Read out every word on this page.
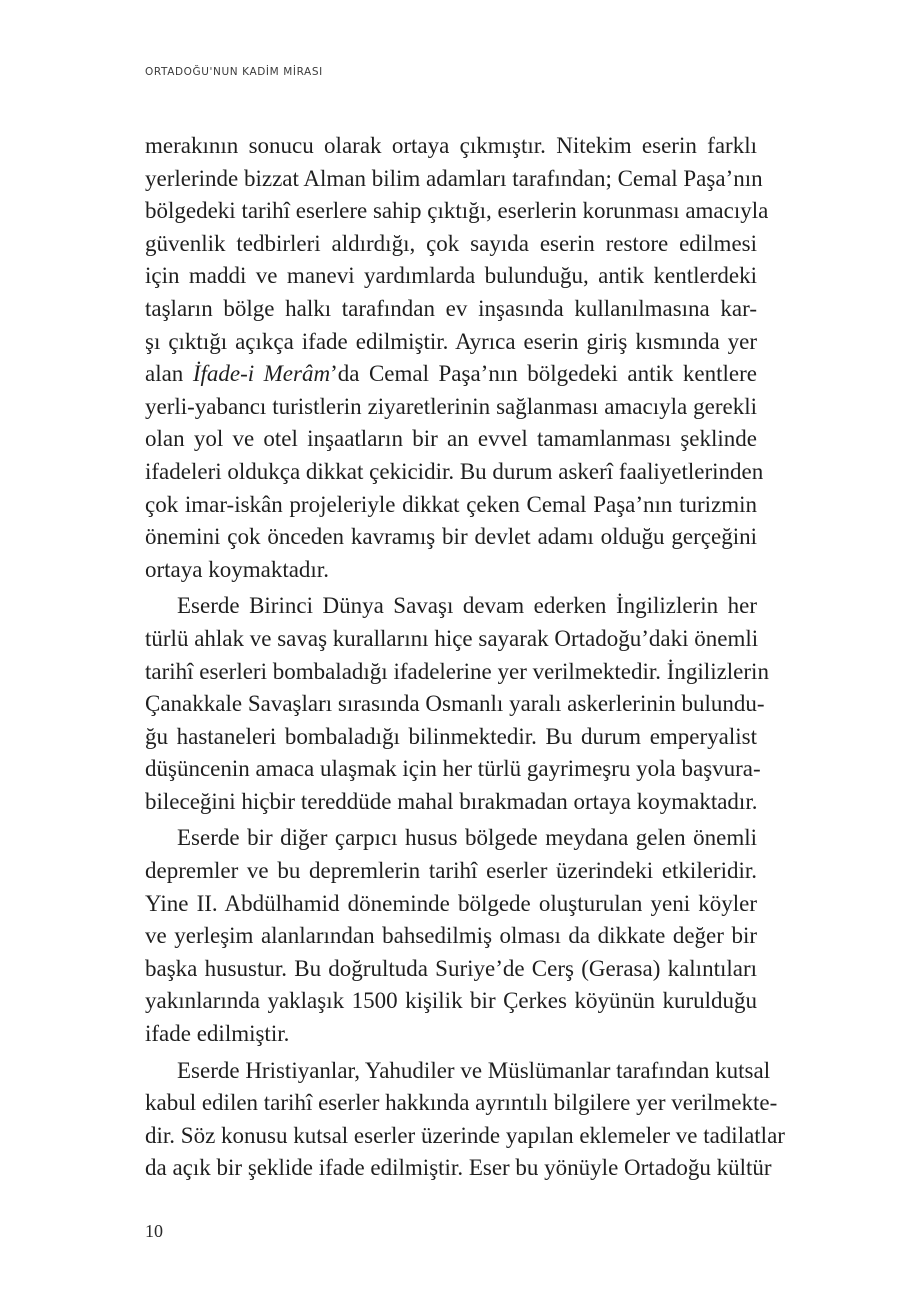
ORTADOĞU'NUN KADİM MİRASI
merakının sonucu olarak ortaya çıkmıştır. Nitekim eserin farklı
yerlerinde bizzat Alman bilim adamları tarafından; Cemal Paşa’nın
bölgedeki tarihî eserlere sahip çıktığı, eserlerin korunması amacıyla
güvenlik tedbirleri aldırdığı, çok sayıda eserin restore edilmesi
için maddi ve manevi yardımlarda bulunduğu, antik kentlerdeki
taşların bölge halkı tarafından ev inşasında kullanılmasına kar-
şı çıktığı açıkça ifade edilmiştir. Ayrıca eserin giriş kısmında yer
alan İfade-i Merâm’da Cemal Paşa’nın bölgedeki antik kentlere
yerli-yabancı turistlerin ziyaretlerinin sağlanması amacıyla gerekli
olan yol ve otel inşaatların bir an evvel tamamlanması şeklinde
ifadeleri oldukça dikkat çekicidir. Bu durum askerî faaliyetlerinden
çok imar-iskân projeleriyle dikkat çeken Cemal Paşa’nın turizmin
önemini çok önceden kavramış bir devlet adamı olduğu gerçeğini
ortaya koymaktadır.
Eserde Birinci Dünya Savaşı devam ederken İngilizlerin her
türlü ahlak ve savaş kurallarını hiçe sayarak Ortadoğu’daki önemli
tarihî eserleri bombaladığı ifadelerine yer verilmektedir. İngilizlerin
Çanakkale Savaşları sırasında Osmanlı yaralı askerlerinin bulundu-
ğu hastaneleri bombaladığı bilinmektedir. Bu durum emperyalist
düşüncenin amaca ulaşmak için her türlü gayrimeşru yola başvura-
bileceğini hiçbir tereddüde mahal bırakmadan ortaya koymaktadır.
Eserde bir diğer çarpıcı husus bölgede meydana gelen önemli
depremler ve bu depremlerin tarihî eserler üzerindeki etkileridir.
Yine II. Abdülhamid döneminde bölgede oluşturulan yeni köyler
ve yerleşim alanlarından bahsedilmiş olması da dikkate değer bir
başka husustur. Bu doğrultuda Suriye’de Cerş (Gerasa) kalıntıları
yakınlarında yaklaşık 1500 kişilik bir Çerkes köyünün kurulduğu
ifade edilmiştir.
Eserde Hristiyanlar, Yahudiler ve Müslümanlar tarafından kutsal
kabul edilen tarihî eserler hakkında ayrıntılı bilgilere yer verilmekte-
dir. Söz konusu kutsal eserler üzerinde yapılan eklemeler ve tadilatlar
da açık bir şeklide ifade edilmiştir. Eser bu yönüyle Ortadoğu kültür
10
